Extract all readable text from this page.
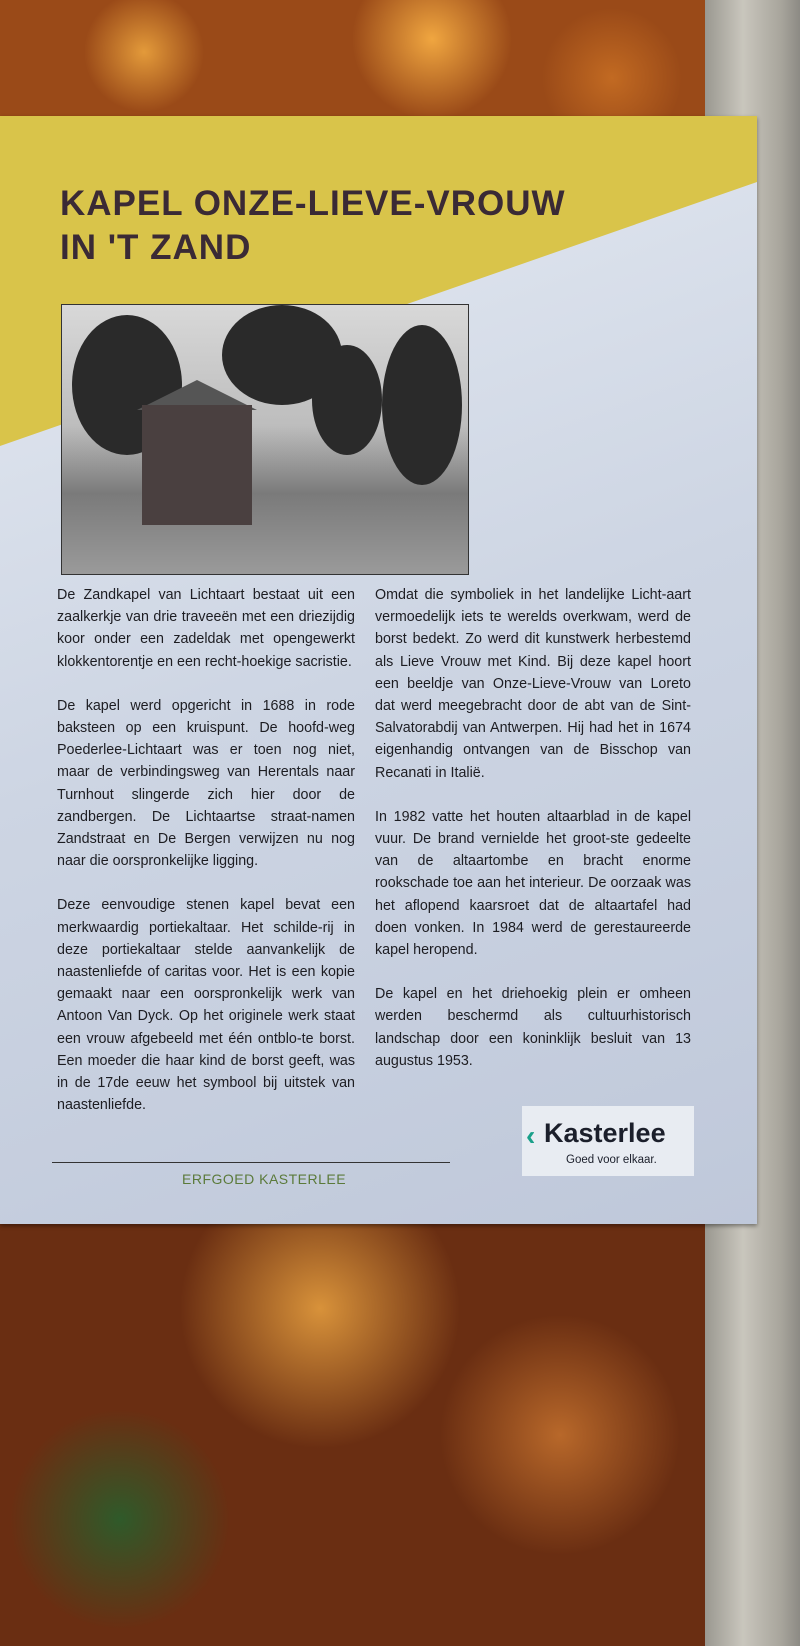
KAPEL ONZE-LIEVE-VROUW
IN 'T ZAND

De Zandkapel van Lichtaart bestaat uit een zaalkerkje van drie traveeën met een driezijdig koor onder een zadeldak met opengewerkt klokkentorentje en een recht-hoekige sacristie.

De kapel werd opgericht in 1688 in rode baksteen op een kruispunt. De hoofd-weg Poederlee-Lichtaart was er toen nog niet, maar de verbindingsweg van Herentals naar Turnhout slingerde zich hier door de zandbergen. De Lichtaartse straat-namen Zandstraat en De Bergen verwijzen nu nog naar die oorspronkelijke ligging.

Deze eenvoudige stenen kapel bevat een merkwaardig portiekaltaar. Het schilde-rij in deze portiekaltaar stelde aanvankelijk de naastenliefde of caritas voor. Het is een kopie gemaakt naar een oorspronkelijk werk van Antoon Van Dyck. Op het originele werk staat een vrouw afgebeeld met één ontblo-te borst. Een moeder die haar kind de borst geeft, was in de 17de eeuw het symbool bij uitstek van naastenliefde.

Omdat die symboliek in het landelijke Licht-aart vermoedelijk iets te werelds overkwam, werd de borst bedekt. Zo werd dit kunstwerk herbestemd als Lieve Vrouw met Kind. Bij deze kapel hoort een beeldje van Onze-Lieve-Vrouw van Loreto dat werd meegebracht door de abt van de Sint-Salvatorabdij van Antwerpen. Hij had het in 1674 eigenhandig ontvangen van de Bisschop van Recanati in Italië.

In 1982 vatte het houten altaarblad in de kapel vuur. De brand vernielde het groot-ste gedeelte van de altaartombe en bracht enorme rookschade toe aan het interieur. De oorzaak was het aflopend kaarsroet dat de altaartafel had doen vonken. In 1984 werd de gerestaureerde kapel heropend.

De kapel en het driehoekig plein er omheen werden beschermd als cultuurhistorisch landschap door een koninklijk besluit van 13 augustus 1953.

ERFGOED KASTERLEE
‹ Kasterlee
Goed voor elkaar.
